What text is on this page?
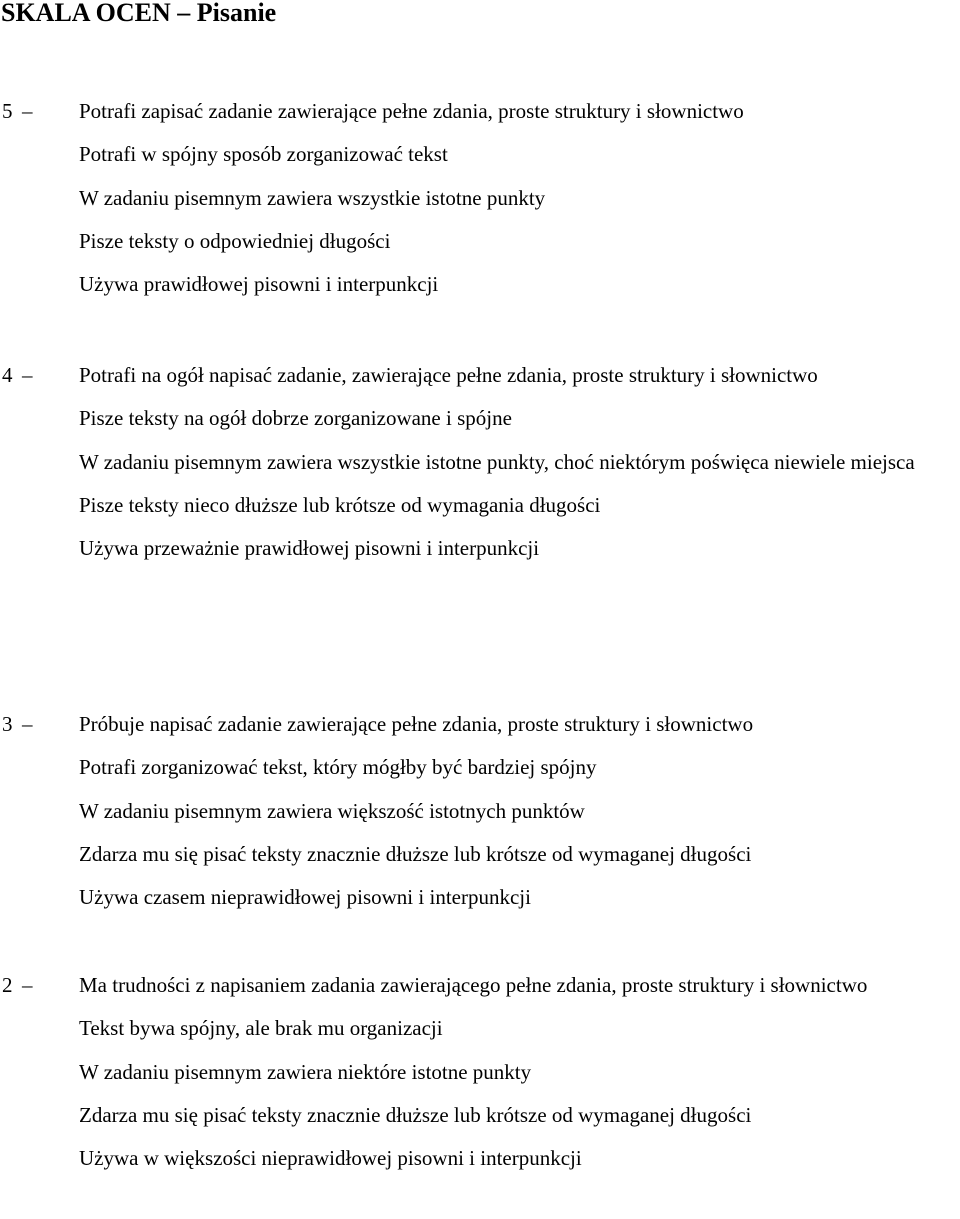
SKALA OCEN – Pisanie
5 – Potrafi zapisać zadanie zawierające pełne zdania, proste struktury i słownictwo
Potrafi w spójny sposób zorganizować tekst
W zadaniu pisemnym zawiera wszystkie istotne punkty
Pisze teksty o odpowiedniej długości
Używa prawidłowej pisowni i interpunkcji
4 – Potrafi na ogół napisać zadanie, zawierające pełne zdania, proste struktury i słownictwo
Pisze teksty na ogół dobrze zorganizowane i spójne
W zadaniu pisemnym zawiera wszystkie istotne punkty, choć niektórym poświęca niewiele miejsca
Pisze teksty nieco dłuższe lub krótsze od wymagania długości
Używa przeważnie prawidłowej pisowni i interpunkcji
3 – Próbuje napisać zadanie zawierające pełne zdania, proste struktury i słownictwo
Potrafi zorganizować tekst, który mógłby być bardziej spójny
W zadaniu pisemnym zawiera większość istotnych punktów
Zdarza mu się pisać teksty znacznie dłuższe lub krótsze od wymaganej długości
Używa czasem nieprawidłowej pisowni i interpunkcji
2 – Ma trudności z napisaniem zadania zawierającego pełne zdania, proste struktury i słownictwo
Tekst bywa spójny, ale brak mu organizacji
W zadaniu pisemnym zawiera niektóre istotne punkty
Zdarza mu się pisać teksty znacznie dłuższe lub krótsze od wymaganej długości
Używa w większości nieprawidłowej pisowni i interpunkcji
